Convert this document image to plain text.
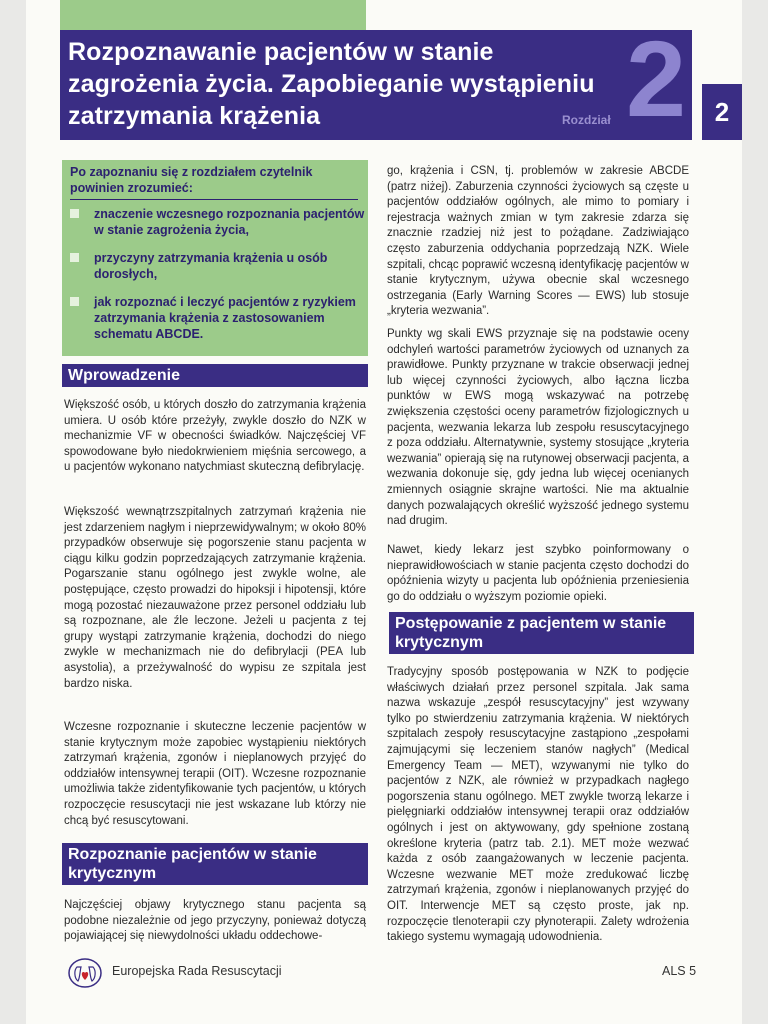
Rozpoznawanie pacjentów w stanie zagrożenia życia. Zapobieganie wystąpieniu zatrzymania krążenia	Rozdział 2	2
Po zapoznaniu się z rozdziałem czytelnik powinien zrozumieć:
znaczenie wczesnego rozpoznania pacjentów w stanie zagrożenia życia,
przyczyny zatrzymania krążenia u osób dorosłych,
jak rozpoznać i leczyć pacjentów z ryzykiem zatrzymania krążenia z zastosowaniem schematu ABCDE.
Wprowadzenie

Większość osób, u których doszło do zatrzymania krążenia umiera. U osób które przeżyły, zwykle doszło do NZK w mechanizmie VF w obecności świadków. Najczęściej VF spowodowane było niedokrwieniem mięśnia sercowego, a u pacjentów wykonano natychmiast skuteczną defibrylację.

Większość wewnątrzszpitalnych zatrzymań krążenia nie jest zdarzeniem nagłym i nieprzewidywalnym; w około 80% przypadków obserwuje się pogorszenie stanu pacjenta w ciągu kilku godzin poprzedzających zatrzymanie krążenia. Pogarszanie stanu ogólnego jest zwykle wolne, ale postępujące, często prowadzi do hipoksji i hipotensji, które mogą pozostać niezauważone przez personel oddziału lub są rozpoznane, ale źle leczone. Jeżeli u pacjenta z tej grupy wystąpi zatrzymanie krążenia, dochodzi do niego zwykle w mechanizmach nie do defibrylacji (PEA lub asystolia), a przeżywalność do wypisu ze szpitala jest bardzo niska.

Wczesne rozpoznanie i skuteczne leczenie pacjentów w stanie krytycznym może zapobiec wystąpieniu niektórych zatrzymań krążenia, zgonów i nieplanowych przyjęć do oddziałów intensywnej terapii (OIT). Wczesne rozpoznanie umożliwia także zidentyfikowanie tych pacjentów, u których rozpoczęcie resuscytacji nie jest wskazane lub którzy nie chcą być resuscytowani.

Rozpoznanie pacjentów w stanie krytycznym

Najczęściej objawy krytycznego stanu pacjenta są podobne niezależnie od jego przyczyny, ponieważ dotyczą pojawiającej się niewydolności układu oddechowe-

go, krążenia i CSN, tj. problemów w zakresie ABCDE (patrz niżej). Zaburzenia czynności życiowych są częste u pacjentów oddziałów ogólnych, ale mimo to pomiary i rejestracja ważnych zmian w tym zakresie zdarza się znacznie rzadziej niż jest to pożądane. Zadziwiająco często zaburzenia oddychania poprzedzają NZK. Wiele szpitali, chcąc poprawić wczesną identyfikację pacjentów w stanie krytycznym, używa obecnie skal wczesnego ostrzegania (Early Warning Scores — EWS) lub stosuje „kryteria wezwania”.

Punkty wg skali EWS przyznaje się na podstawie oceny odchyleń wartości parametrów życiowych od uznanych za prawidłowe. Punkty przyznane w trakcie obserwacji jednej lub więcej czynności życiowych, albo łączna liczba punktów w EWS mogą wskazywać na potrzebę zwiększenia częstości oceny parametrów fizjologicznych u pacjenta, wezwania lekarza lub zespołu resuscytacyjnego z poza oddziału. Alternatywnie, systemy stosujące „kryteria wezwania” opierają się na rutynowej obserwacji pacjenta, a wezwania dokonuje się, gdy jedna lub więcej ocenianych zmiennych osiągnie skrajne wartości. Nie ma aktualnie danych pozwalających określić wyższość jednego systemu nad drugim.

Nawet, kiedy lekarz jest szybko poinformowany o nieprawidłowościach w stanie pacjenta często dochodzi do opóźnienia wizyty u pacjenta lub opóźnienia przeniesienia go do oddziału o wyższym poziomie opieki.

Postępowanie z pacjentem w stanie krytycznym

Tradycyjny sposób postępowania w NZK to podjęcie właściwych działań przez personel szpitala. Jak sama nazwa wskazuje „zespół resuscytacyjny” jest wzywany tylko po stwierdzeniu zatrzymania krążenia. W niektórych szpitalach zespoły resuscytacyjne zastąpiono „zespołami zajmującymi się leczeniem stanów nagłych” (Medical Emergency Team — MET), wzywanymi nie tylko do pacjentów z NZK, ale również w przypadkach nagłego pogorszenia stanu ogólnego. MET zwykle tworzą lekarze i pielęgniarki oddziałów intensywnej terapii oraz oddziałów ogólnych i jest on aktywowany, gdy spełnione zostaną określone kryteria (patrz tab. 2.1). MET może wezwać każda z osób zaangażowanych w leczenie pacjenta. Wczesne wezwanie MET może zredukować liczbę zatrzymań krążenia, zgonów i nieplanowanych przyjęć do OIT. Interwencje MET są często proste, jak np. rozpoczęcie tlenoterapii czy płynoterapii. Zalety wdrożenia takiego systemu wymagają udowodnienia.

Europejska Rada Resuscytacji	ALS 5
